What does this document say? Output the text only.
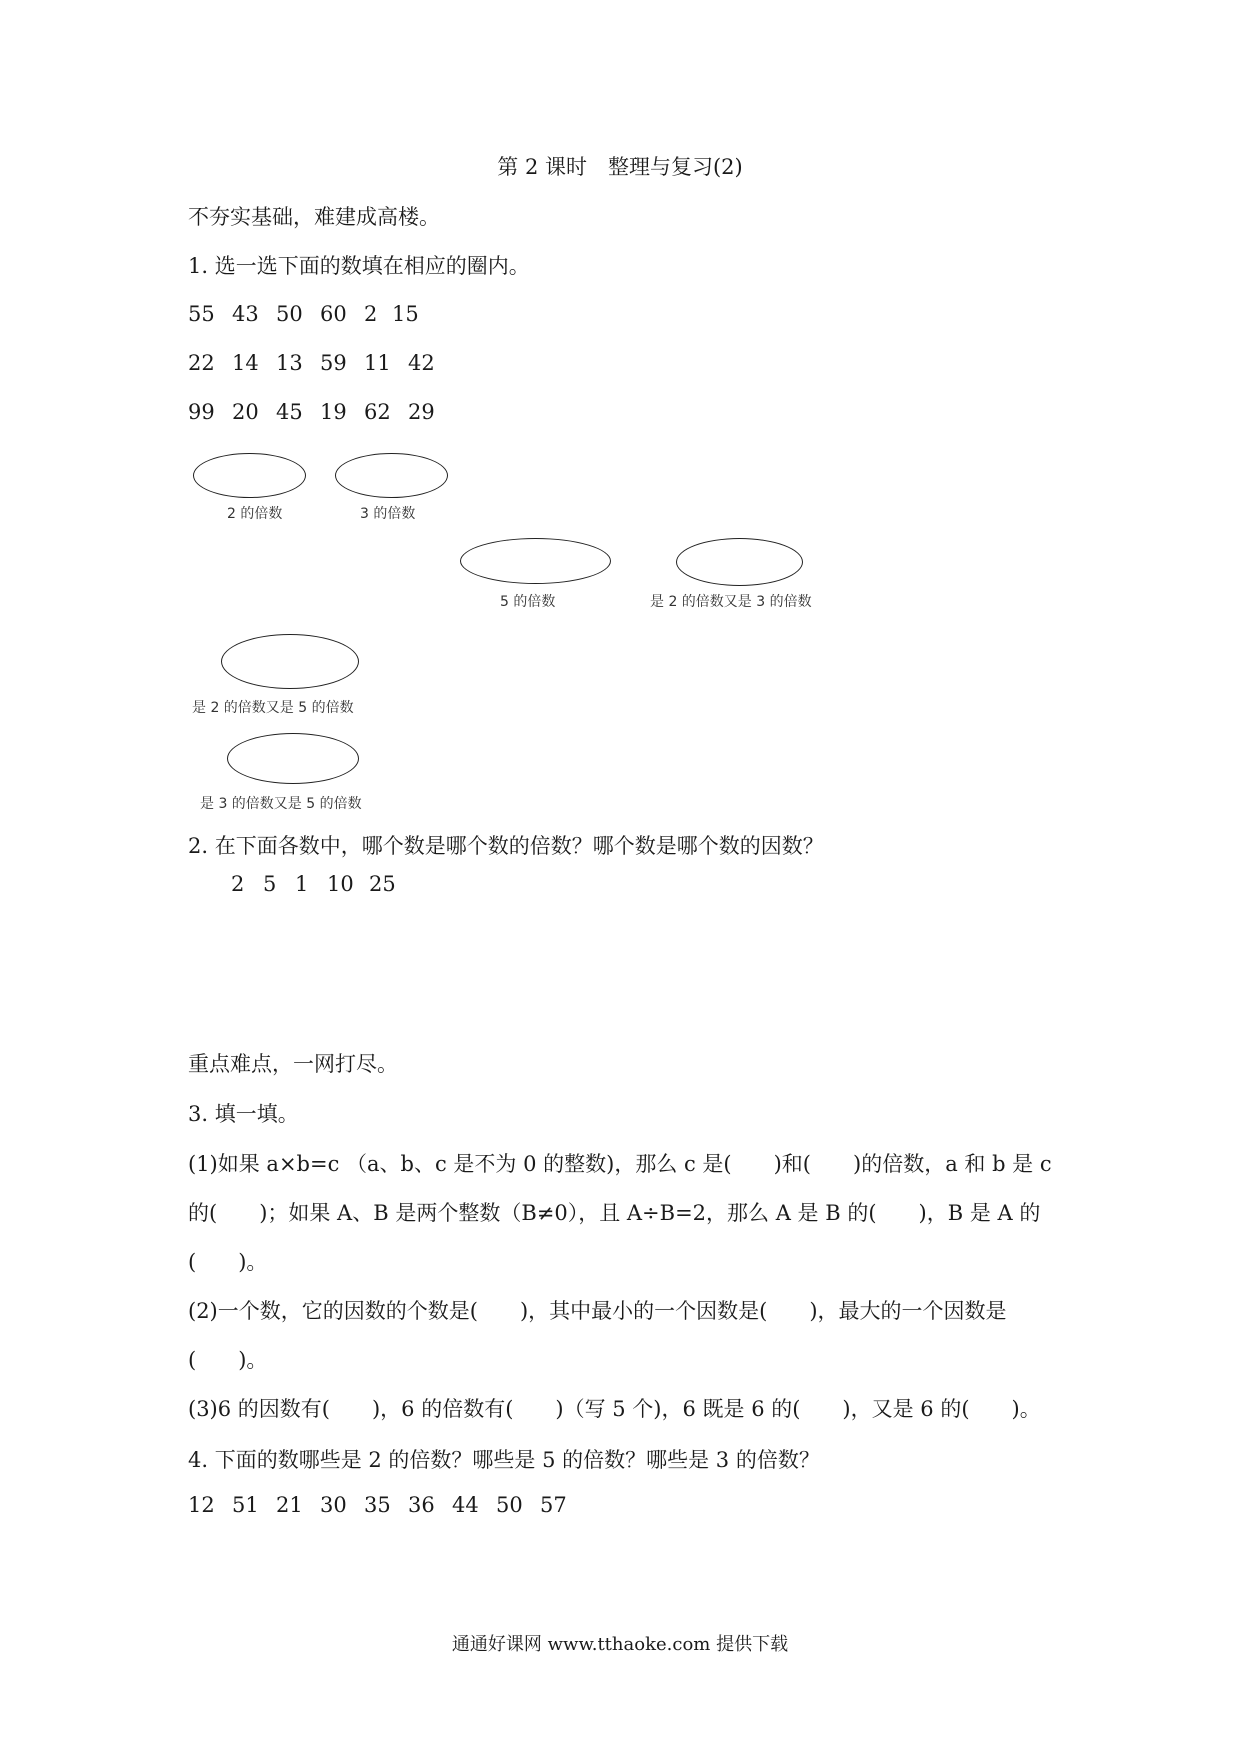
第 2 课时　整理与复习(2)
不夯实基础，难建成高楼。
1. 选一选下面的数填在相应的圈内。
55 43 50 60 2 15
22 14 13 59 11 42
99 20 45 19 62 29
2 的倍数	3 的倍数
5 的倍数	是 2 的倍数又是 3 的倍数
是 2 的倍数又是 5 的倍数
是 3 的倍数又是 5 的倍数
2. 在下面各数中，哪个数是哪个数的倍数？哪个数是哪个数的因数？
2 5 1 10 25
重点难点，一网打尽。
3. 填一填。
(1)如果 a×b=c （a、b、c 是不为 0 的整数)，那么 c 是(　　)和(　　)的倍数，a 和 b 是 c 的(　　)；如果 A、B 是两个整数（B≠0），且 A÷B=2，那么 A 是 B 的(　　)，B 是 A 的(　　)。
(2)一个数，它的因数的个数是(　　)，其中最小的一个因数是(　　)，最大的一个因数是(　　)。
(3)6 的因数有(　　)，6 的倍数有(　　)（写 5 个)，6 既是 6 的(　　)，又是 6 的(　　)。
4. 下面的数哪些是 2 的倍数？哪些是 5 的倍数？哪些是 3 的倍数？
12 51 21 30 35 36 44 50 57
通通好课网 www.tthaoke.com 提供下载
